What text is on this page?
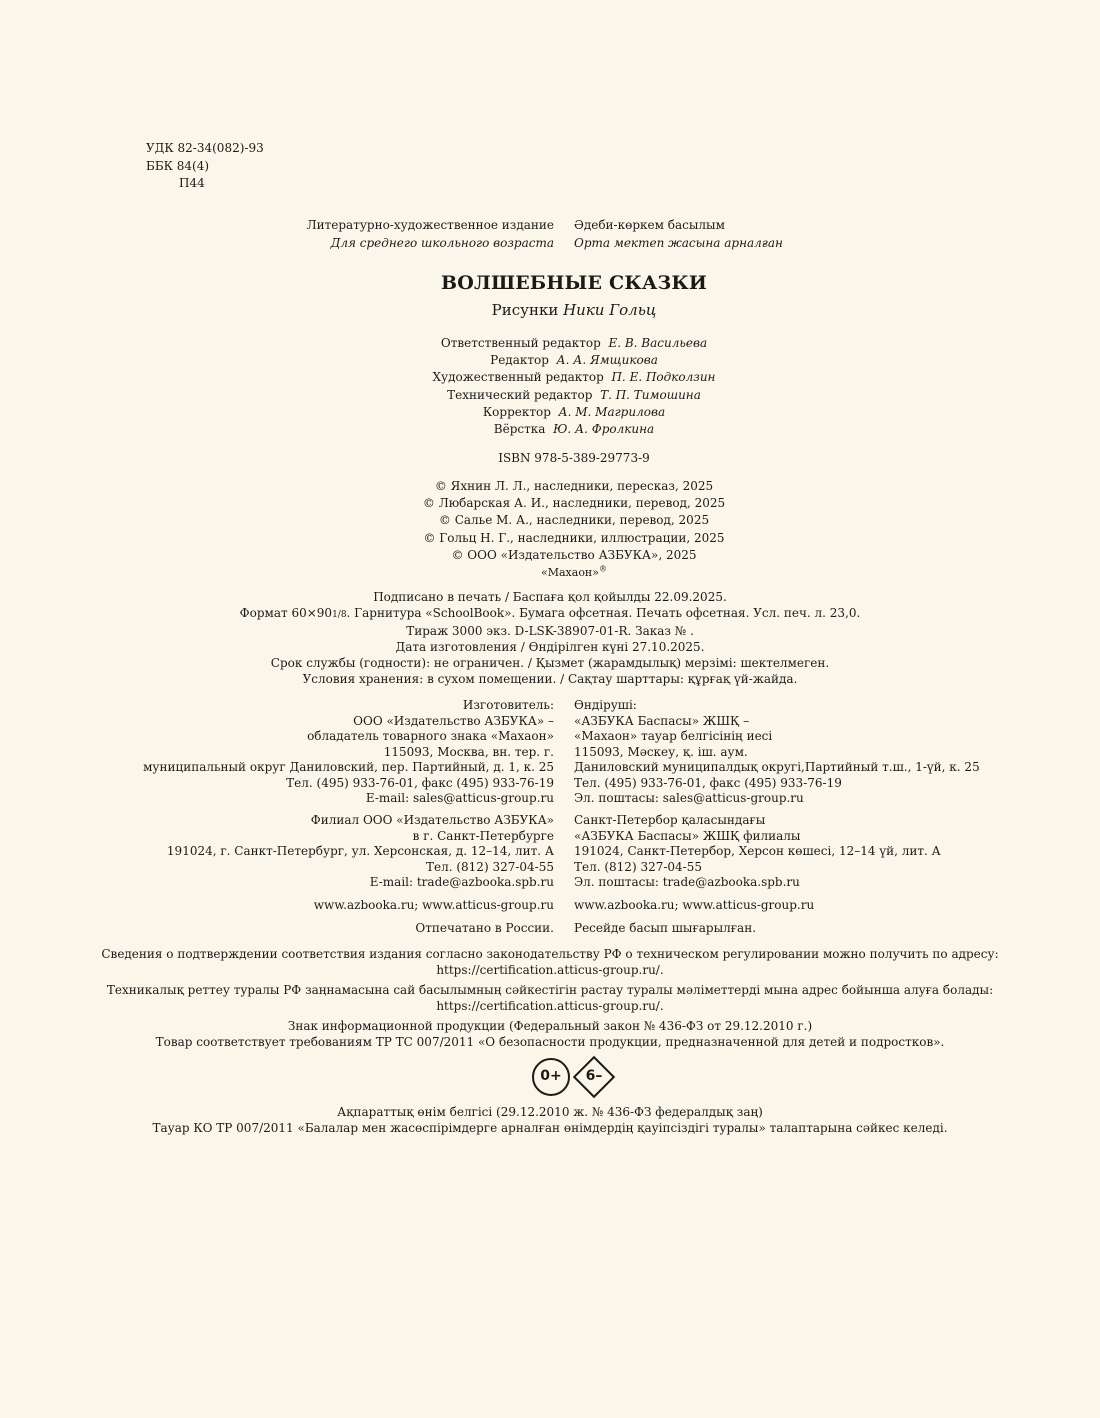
УДК 82-34(082)-93
ББК 84(4)
П44
Литературно-художественное издание	Әдеби-көркем басылым
Для среднего школьного возраста	Орта мектеп жасына арналған
ВОЛШЕБНЫЕ СКАЗКИ
Рисунки Ники Гольц
Ответственный редактор Е. В. Васильева
Редактор А. А. Ямщикова
Художественный редактор П. Е. Подколзин
Технический редактор Т. П. Тимошина
Корректор А. М. Магрилова
Вёрстка Ю. А. Фролкина
ISBN 978-5-389-29773-9
© Яхнин Л. Л., наследники, пересказ, 2025
© Любарская А. И., наследники, перевод, 2025
© Салье М. А., наследники, перевод, 2025
© Гольц Н. Г., наследники, иллюстрации, 2025
© ООО «Издательство АЗБУКА», 2025
«Махаон»®
Подписано в печать / Баспаға қол қойылды 22.09.2025.
Формат 60×901/8. Гарнитура «SchoolBook». Бумага офсетная. Печать офсетная. Усл. печ. л. 23,0.
Тираж 3000 экз. D-LSK-38907-01-R. Заказ № .
Дата изготовления / Өндірілген күні 27.10.2025.
Срок службы (годности): не ограничен. / Қызмет (жарамдылық) мерзімі: шектелмеген.
Условия хранения: в сухом помещении. / Сақтау шарттары: құрғақ үй-жайда.
Изготовитель:	Өндіруші:
ООО «Издательство АЗБУКА» –	«АЗБУКА Баспасы» ЖШҚ –
обладатель товарного знака «Махаон»	«Махаон» тауар белгісінің иесі
115093, Москва, вн. тер. г.	115093, Мәскеу, қ. іш. аум.
муниципальный округ Даниловский, пер. Партийный, д. 1, к. 25	Даниловский муниципалдық округі,Партийный т.ш., 1-үй, к. 25
Тел. (495) 933-76-01, факс (495) 933-76-19	Тел. (495) 933-76-01, факс (495) 933-76-19
E-mail: sales@atticus-group.ru	Эл. поштасы: sales@atticus-group.ru
Филиал ООО «Издательство АЗБУКА»	Санкт-Петербор қаласындағы
в г. Санкт-Петербурге	«АЗБУКА Баспасы» ЖШҚ филиалы
191024, г. Санкт-Петербург, ул. Херсонская, д. 12–14, лит. А	191024, Санкт-Петербор, Херсон көшесі, 12–14 үй, лит. А
Тел. (812) 327-04-55	Тел. (812) 327-04-55
E-mail: trade@azbooka.spb.ru	Эл. поштасы: trade@azbooka.spb.ru
www.azbooka.ru; www.atticus-group.ru	www.azbooka.ru; www.atticus-group.ru
Отпечатано в России.	Ресейде басып шығарылған.
Сведения о подтверждении соответствия издания согласно законодательству РФ о техническом регулировании можно получить по адресу:
https://certification.atticus-group.ru/.
Техникалық реттеу туралы РФ заңнамасына сай басылымның сәйкестігін растау туралы мәліметтерді мына адрес бойынша алуға болады:
https://certification.atticus-group.ru/.
Знак информационной продукции (Федеральный закон № 436-ФЗ от 29.12.2010 г.)
Товар соответствует требованиям ТР ТС 007/2011 «О безопасности продукции, предназначенной для детей и подростков».
0+	6–
Ақпараттық өнім белгісі (29.12.2010 ж. № 436-ФЗ федералдық заң)
Тауар КО ТР 007/2011 «Балалар мен жасөспірімдерге арналған өнімдердің қауіпсіздігі туралы» талаптарына сәйкес келеді.
